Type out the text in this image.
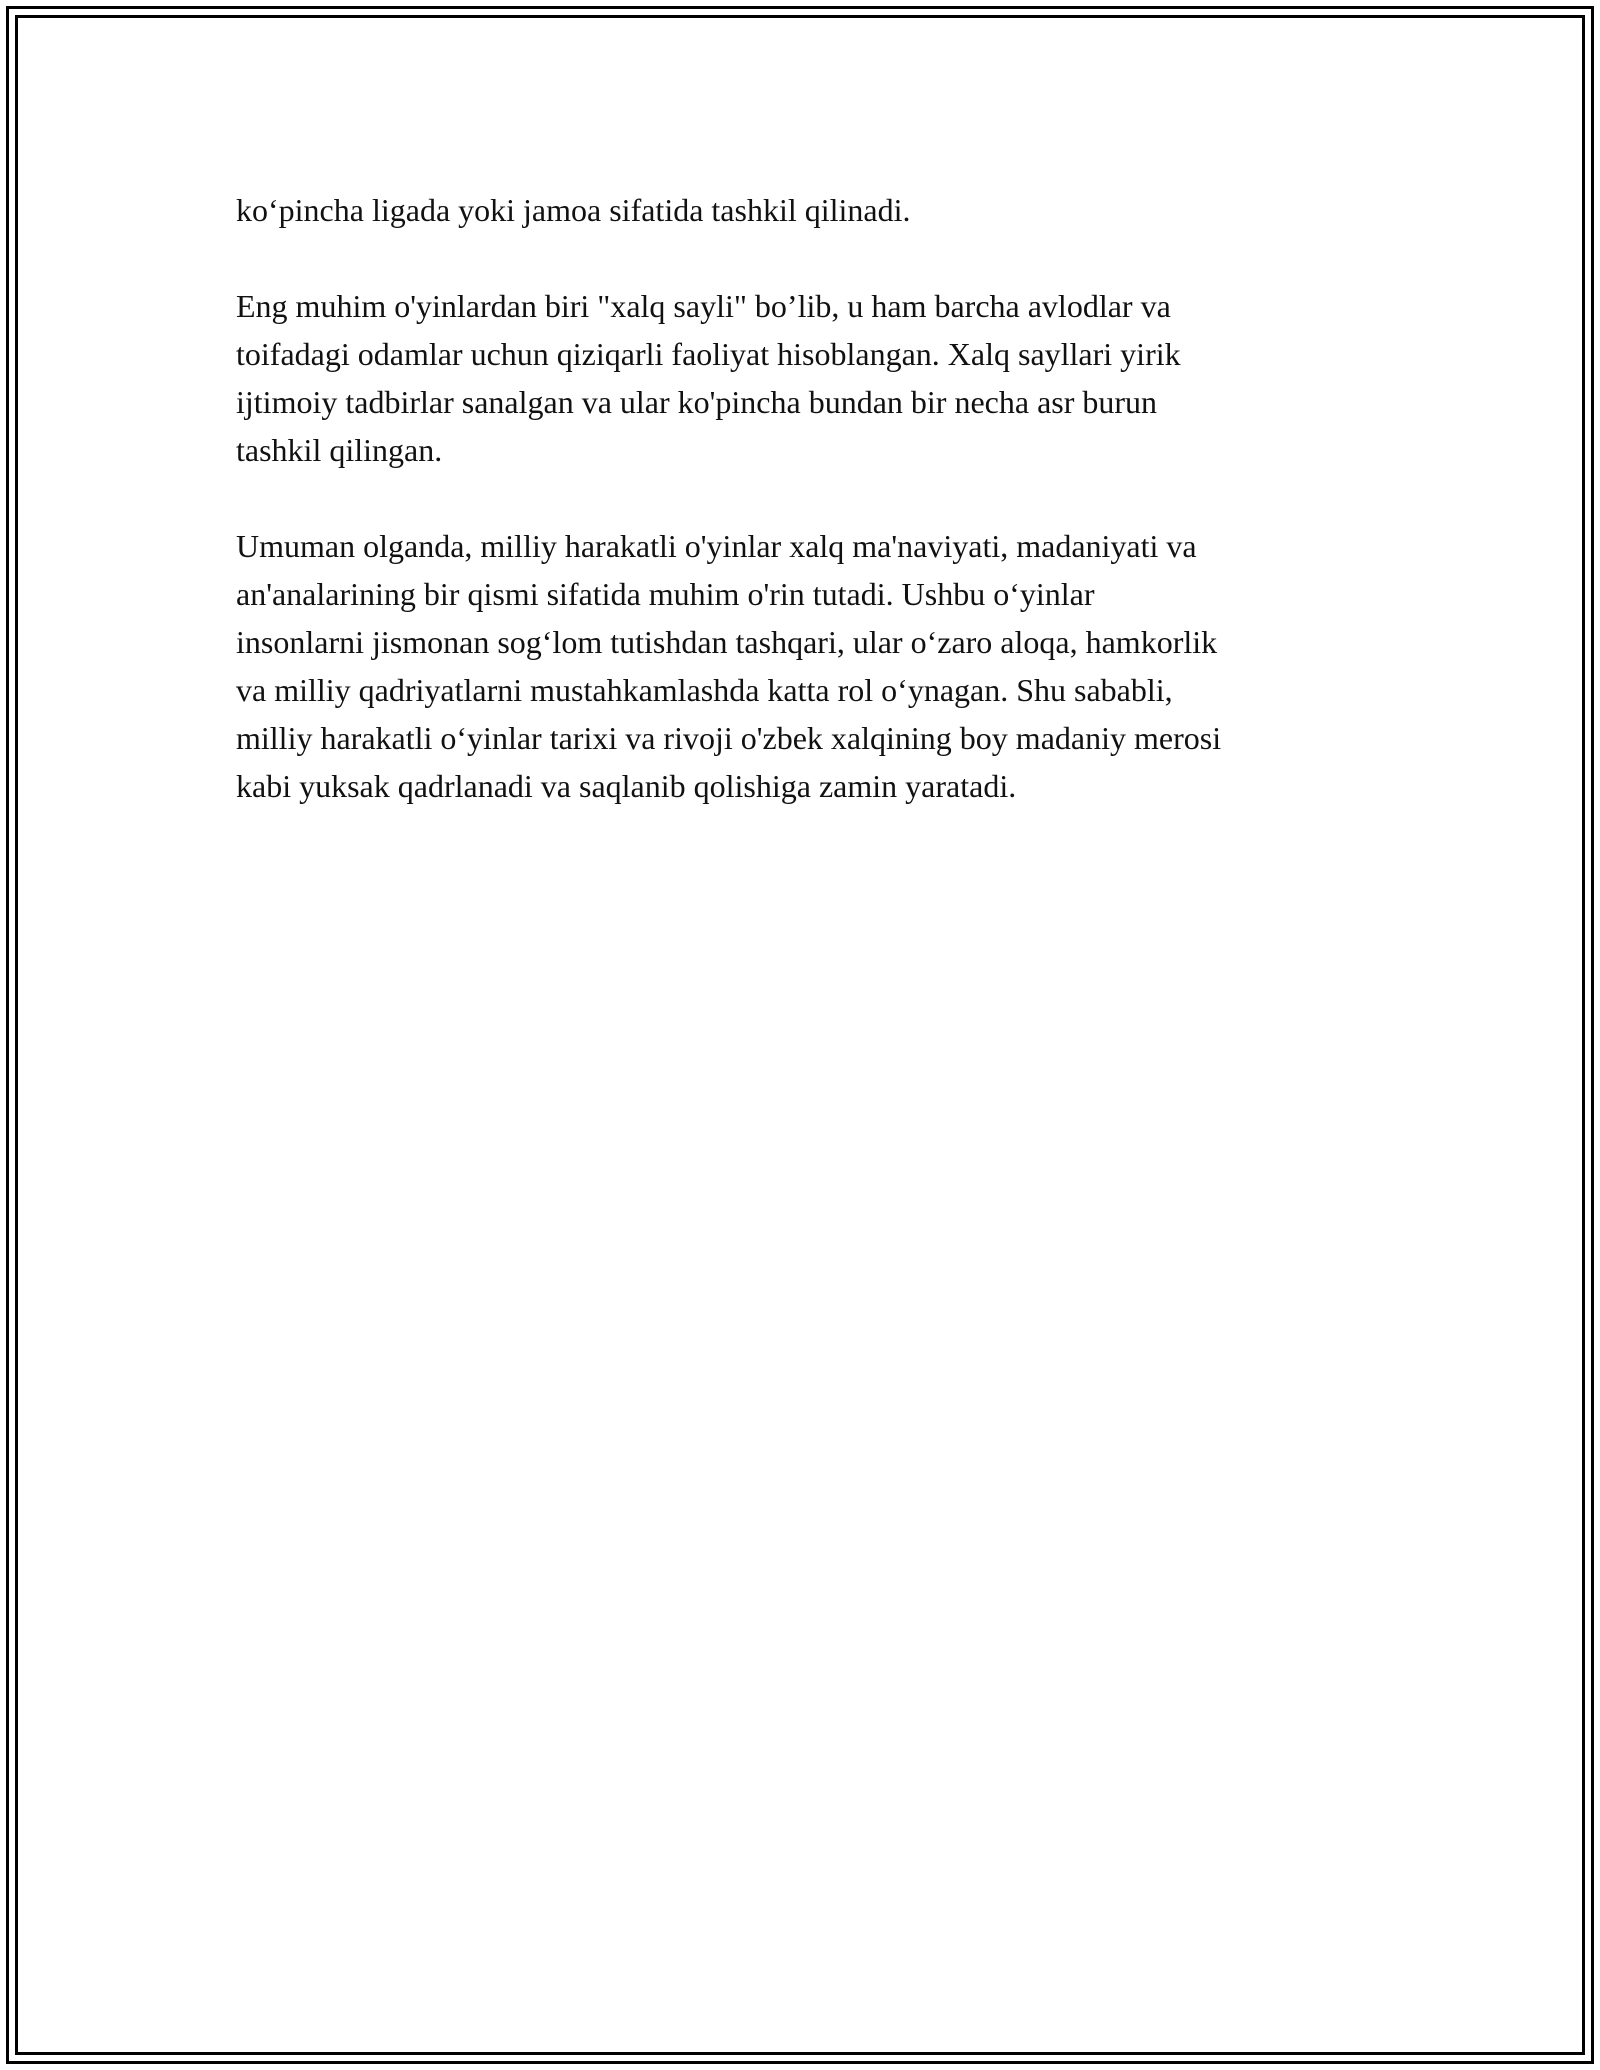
ko‘pincha ligada yoki jamoa sifatida tashkil qilinadi.

Eng muhim o'yinlardan biri "xalq sayli" bo’lib, u ham barcha avlodlar va
toifadagi odamlar uchun qiziqarli faoliyat hisoblangan. Xalq sayllari yirik
ijtimoiy tadbirlar sanalgan va ular ko'pincha bundan bir necha asr burun
tashkil qilingan.

Umuman olganda, milliy harakatli o'yinlar xalq ma'naviyati, madaniyati va
an'analarining bir qismi sifatida muhim o'rin tutadi. Ushbu o‘yinlar
insonlarni jismonan sog‘lom tutishdan tashqari, ular o‘zaro aloqa, hamkorlik
va milliy qadriyatlarni mustahkamlashda katta rol o‘ynagan. Shu sababli,
milliy harakatli o‘yinlar tarixi va rivoji o'zbek xalqining boy madaniy merosi
kabi yuksak qadrlanadi va saqlanib qolishiga zamin yaratadi.
